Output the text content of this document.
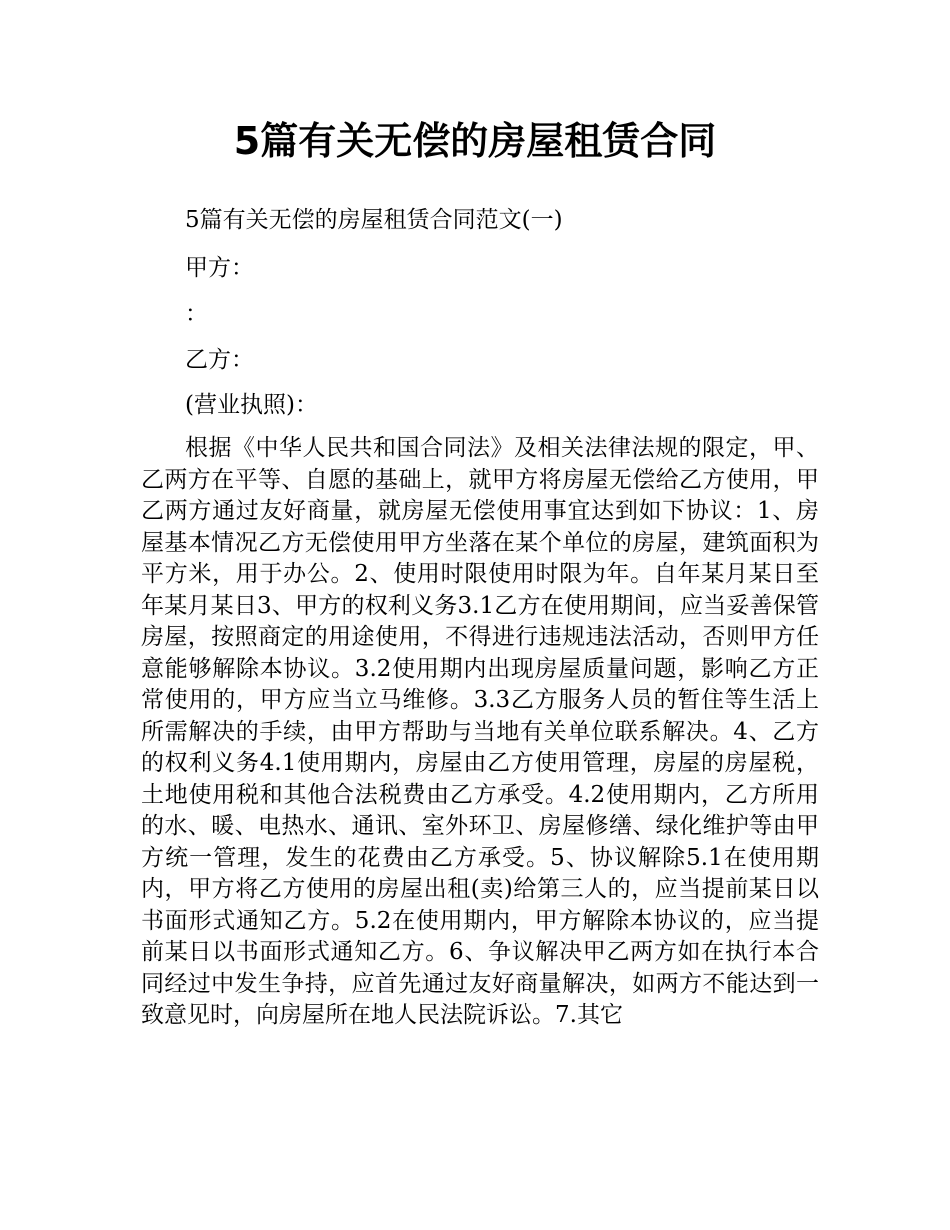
5篇有关无偿的房屋租赁合同

5篇有关无偿的房屋租赁合同范文(一)

甲方：

：

乙方：

(营业执照)：

根据《中华人民共和国合同法》及相关法律法规的限定，甲、乙两方在平等、自愿的基础上，就甲方将房屋无偿给乙方使用，甲乙两方通过友好商量，就房屋无偿使用事宜达到如下协议：1、房屋基本情况乙方无偿使用甲方坐落在某个单位的房屋，建筑面积为平方米，用于办公。2、使用时限使用时限为年。自年某月某日至年某月某日3、甲方的权利义务3.1乙方在使用期间，应当妥善保管房屋，按照商定的用途使用，不得进行违规违法活动，否则甲方任意能够解除本协议。3.2使用期内出现房屋质量问题，影响乙方正常使用的，甲方应当立马维修。3.3乙方服务人员的暂住等生活上所需解决的手续，由甲方帮助与当地有关单位联系解决。4、乙方的权利义务4.1使用期内，房屋由乙方使用管理，房屋的房屋税，土地使用税和其他合法税费由乙方承受。4.2使用期内，乙方所用的水、暖、电热水、通讯、室外环卫、房屋修缮、绿化维护等由甲方统一管理，发生的花费由乙方承受。5、协议解除5.1在使用期内，甲方将乙方使用的房屋出租(卖)给第三人的，应当提前某日以书面形式通知乙方。5.2在使用期内，甲方解除本协议的，应当提前某日以书面形式通知乙方。6、争议解决甲乙两方如在执行本合同经过中发生争持，应首先通过友好商量解决，如两方不能达到一致意见时，向房屋所在地人民法院诉讼。7.其它
